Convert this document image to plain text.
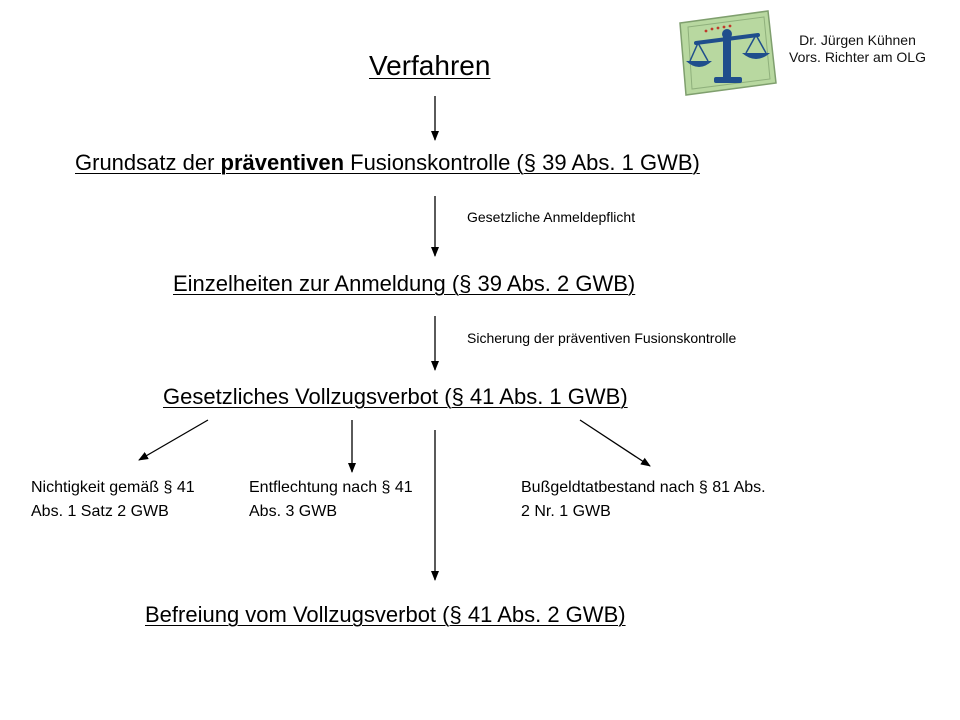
Dr. Jürgen Kühnen
Vors. Richter am OLG
Verfahren
Grundsatz der präventiven Fusionskontrolle (§ 39 Abs. 1 GWB)
Gesetzliche Anmeldepflicht
Einzelheiten zur Anmeldung (§ 39 Abs. 2 GWB)
Sicherung der präventiven Fusionskontrolle
Gesetzliches Vollzugsverbot (§ 41 Abs. 1 GWB)
Nichtigkeit gemäß § 41 Abs. 1 Satz 2 GWB
Entflechtung nach § 41 Abs. 3 GWB
Bußgeldtatbestand nach § 81 Abs. 2 Nr. 1 GWB
Befreiung vom Vollzugsverbot (§ 41 Abs. 2 GWB)
